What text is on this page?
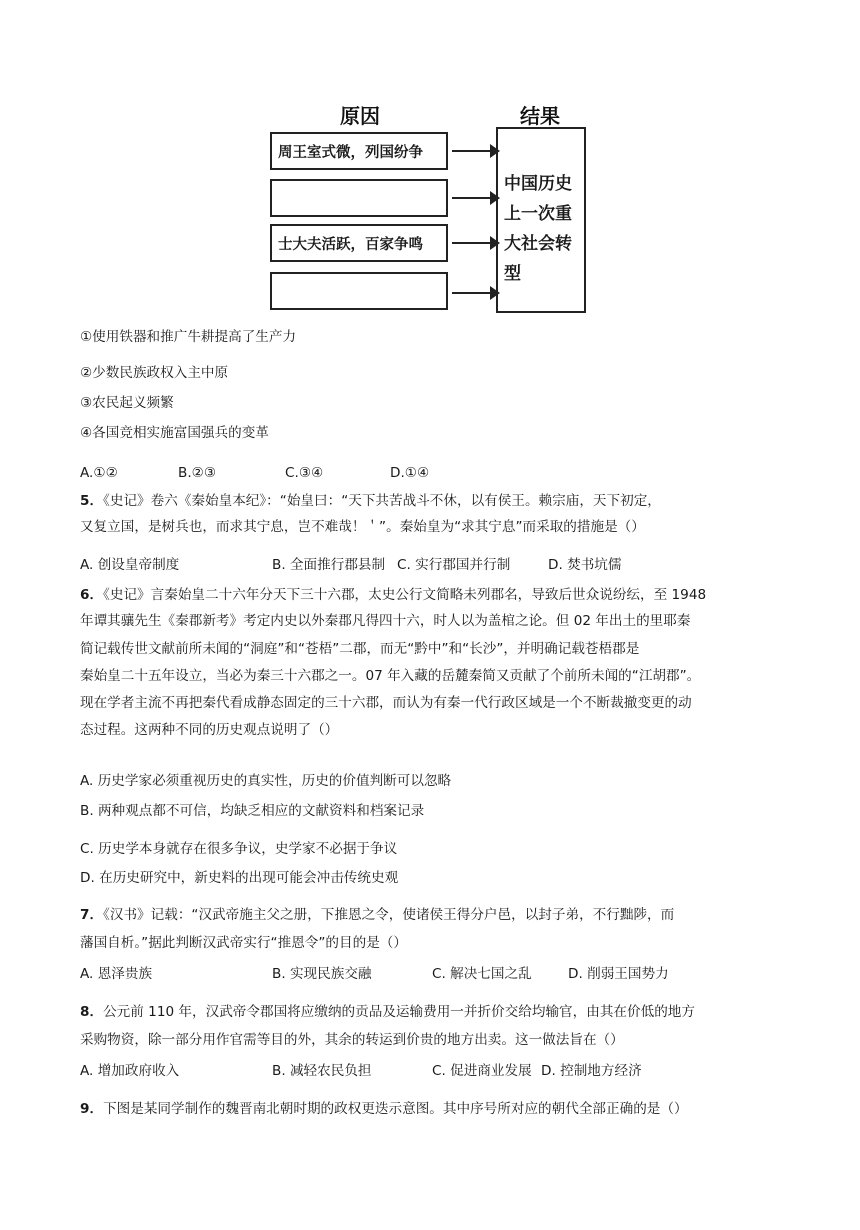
原因	结果
周王室式微，列国纷争
士大夫活跃，百家争鸣
中国历史上一次重大社会转型
①使用铁器和推广牛耕提高了生产力
②少数民族政权入主中原
③农民起义频繁
④各国竞相实施富国强兵的变革
A.①②	B.②③	C.③④	D.①④
5．《史记》卷六《秦始皇本纪》：“始皇曰：“天下共苦战斗不休，以有侯王。赖宗庙，天下初定，
又复立国，是树兵也，而求其宁息，岂不难哉！＇”。秦始皇为“求其宁息”而采取的措施是（）
A. 创设皇帝制度	B. 全面推行郡县制 C. 实行郡国并行制	D. 焚书坑儒
6．《史记》言秦始皇二十六年分天下三十六郡，太史公行文简略未列郡名，导致后世众说纷纭，至 1948
年谭其骧先生《秦郡新考》考定内史以外秦郡凡得四十六，时人以为盖棺之论。但 02 年出土的里耶秦
简记载传世文献前所未闻的“洞庭”和“苍梧”二郡，而无“黔中”和“长沙”，并明确记载苍梧郡是
秦始皇二十五年设立，当必为秦三十六郡之一。07 年入藏的岳麓秦简又贡献了个前所未闻的“江胡郡”。
现在学者主流不再把秦代看成静态固定的三十六郡，而认为有秦一代行政区域是一个不断裁撤变更的动
态过程。这两种不同的历史观点说明了（）
A. 历史学家必须重视历史的真实性，历史的价值判断可以忽略
B. 两种观点都不可信，均缺乏相应的文献资料和档案记录
C. 历史学本身就存在很多争议，史学家不必据于争议
D. 在历史研究中，新史料的出现可能会冲击传统史观
7．《汉书》记载：“汉武帝施主父之册，下推恩之令，使诸侯王得分户邑，以封子弟，不行黜陟，而
藩国自析。”据此判断汉武帝实行“推恩令”的目的是（）
A. 恩泽贵族	B. 实现民族交融	C. 解决七国之乱	D. 削弱王国势力
8．公元前 110 年，汉武帝令郡国将应缴纳的贡品及运输费用一并折价交给均输官，由其在价低的地方
采购物资，除一部分用作官需等目的外，其余的转运到价贵的地方出卖。这一做法旨在（）
A. 增加政府收入	B. 减轻农民负担	C. 促进商业发展 D. 控制地方经济
9．下图是某同学制作的魏晋南北朝时期的政权更迭示意图。其中序号所对应的朝代全部正确的是（）
